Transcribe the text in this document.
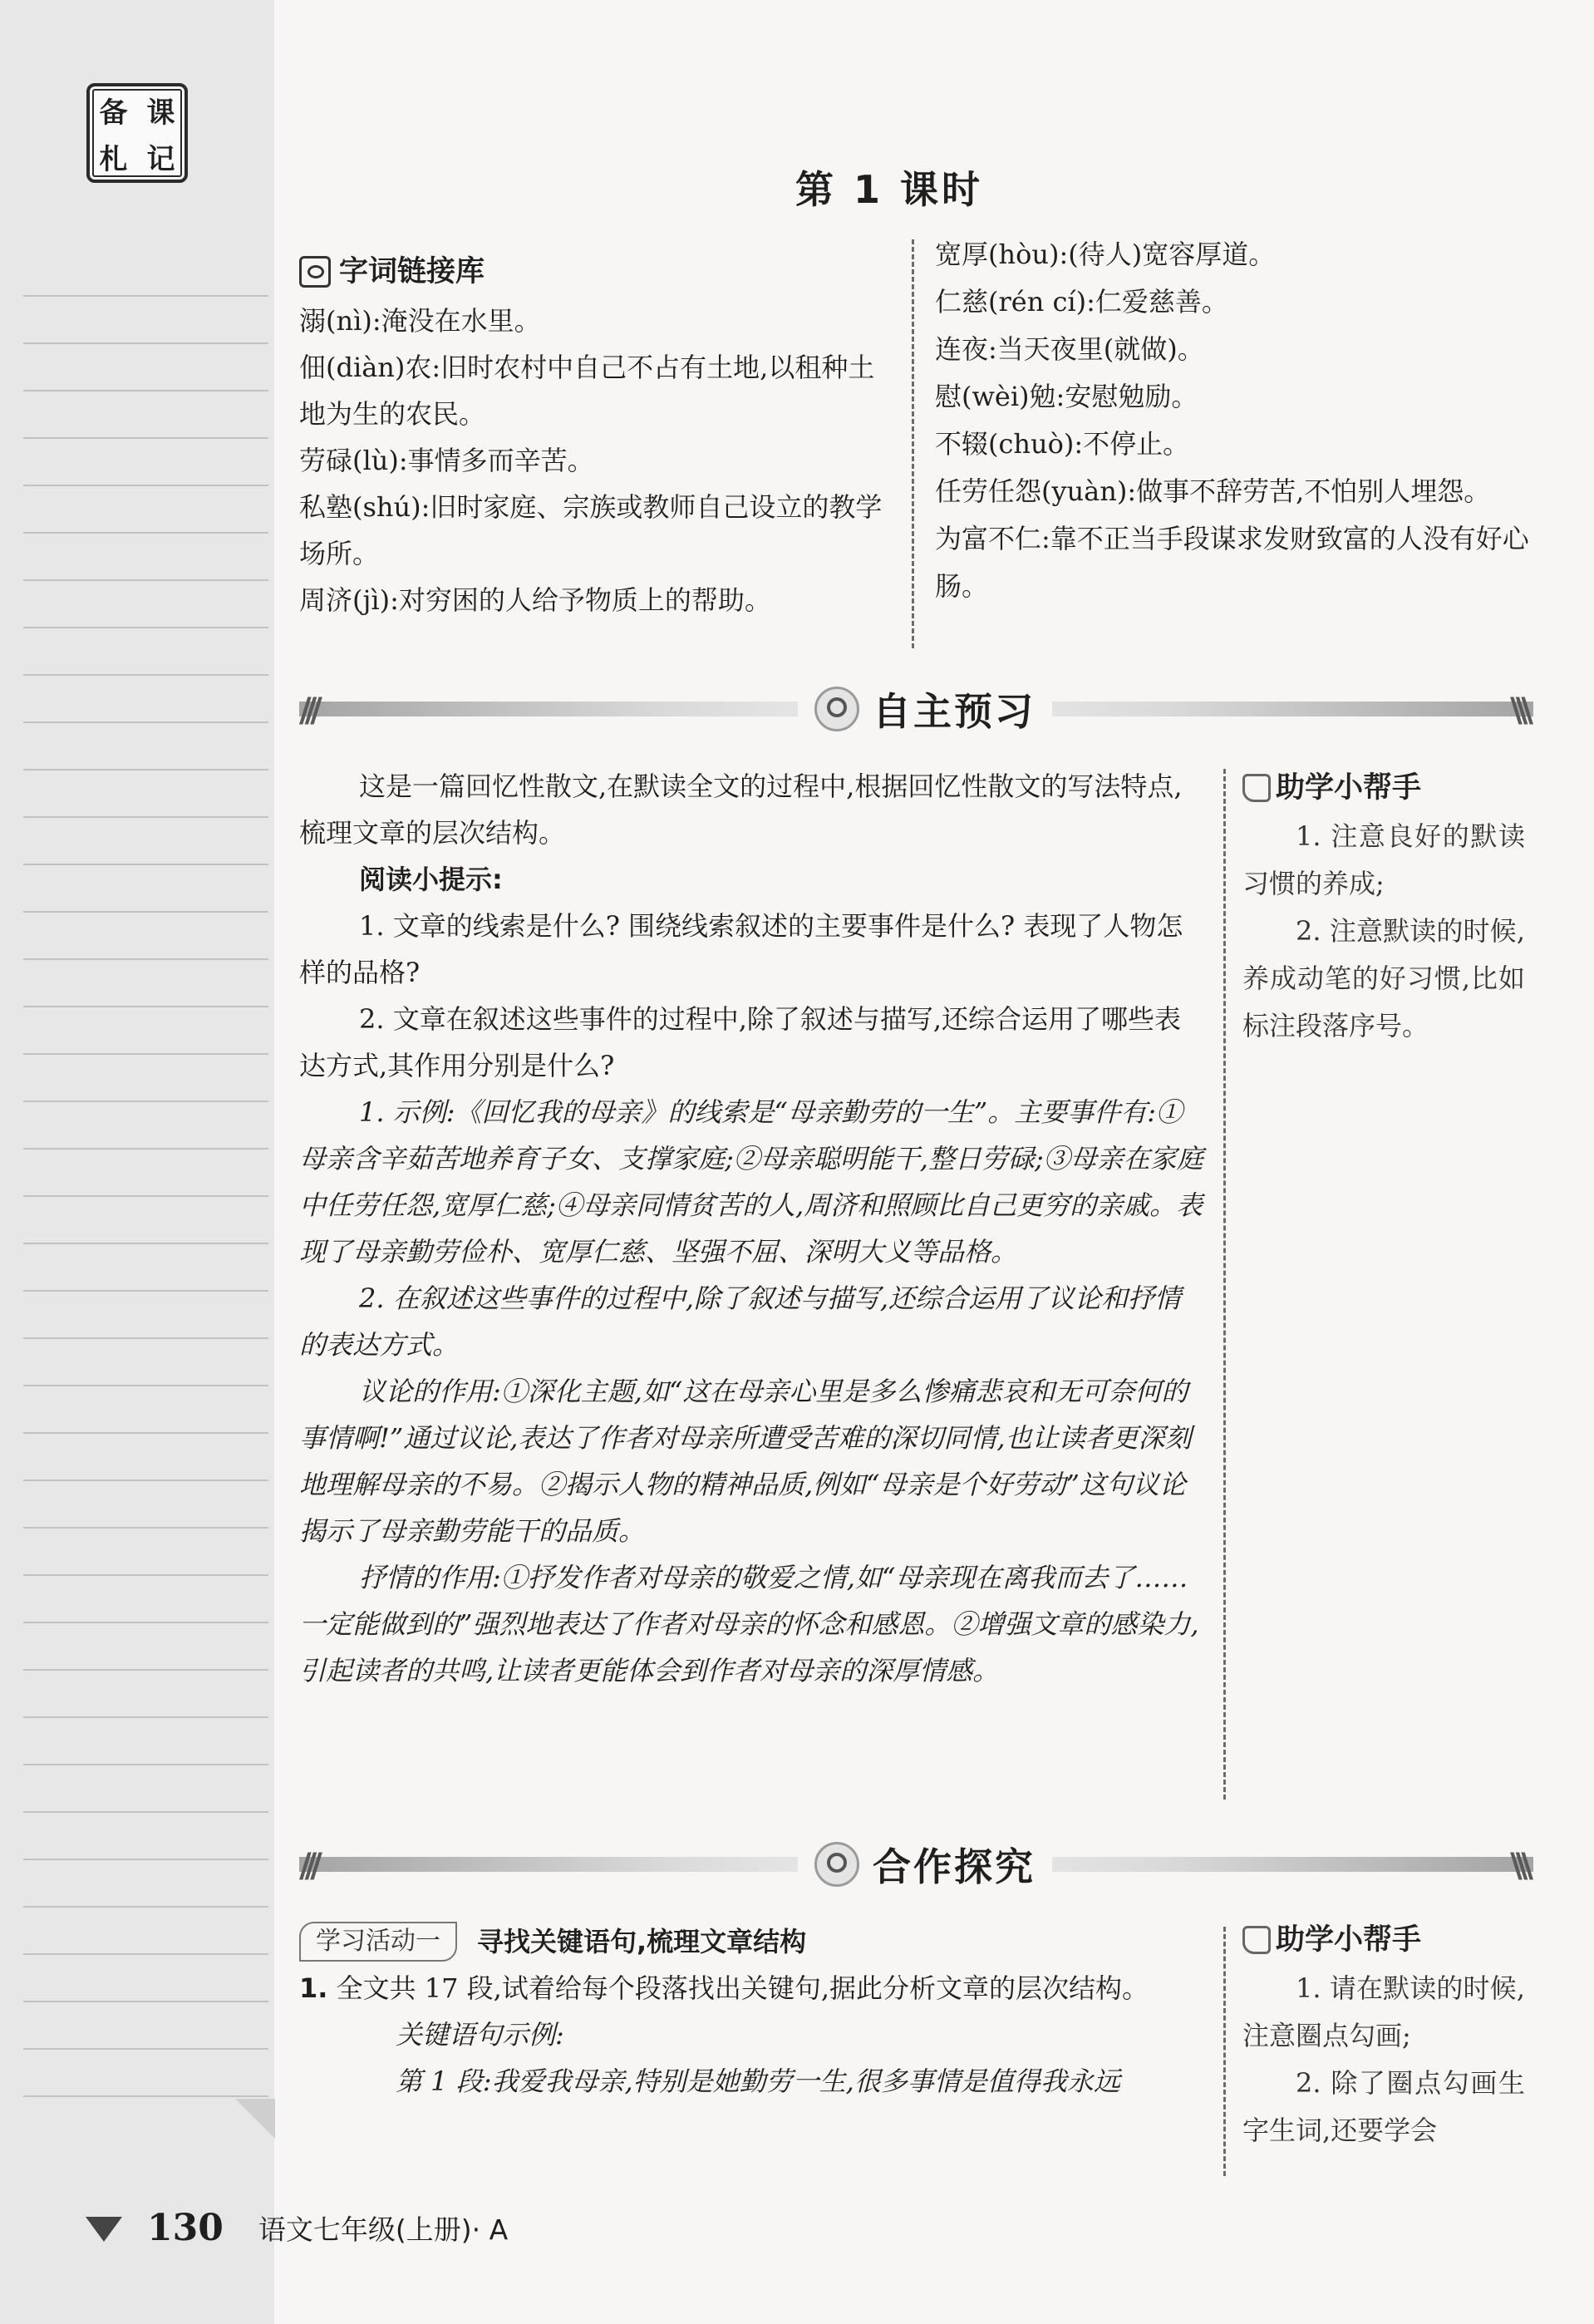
备 课
札 记
第 1 课时
字词链接库

溺(nì):淹没在水里。

佃(diàn)农:旧时农村中自己不占有土地,以租种土地为生的农民。

劳碌(lù):事情多而辛苦。

私塾(shú):旧时家庭、宗族或教师自己设立的教学场所。

周济(jì):对穷困的人给予物质上的帮助。

宽厚(hòu):(待人)宽容厚道。

仁慈(rén cí):仁爱慈善。

连夜:当天夜里(就做)。

慰(wèi)勉:安慰勉励。

不辍(chuò):不停止。

任劳任怨(yuàn):做事不辞劳苦,不怕别人埋怨。

为富不仁:靠不正当手段谋求发财致富的人没有好心肠。

///	\\\
自主预习

这是一篇回忆性散文,在默读全文的过程中,根据回忆性散文的写法特点,梳理文章的层次结构。

阅读小提示:

1. 文章的线索是什么? 围绕线索叙述的主要事件是什么? 表现了人物怎样的品格?

2. 文章在叙述这些事件的过程中,除了叙述与描写,还综合运用了哪些表达方式,其作用分别是什么?

1. 示例:《回忆我的母亲》的线索是“母亲勤劳的一生”。主要事件有:①母亲含辛茹苦地养育子女、支撑家庭;②母亲聪明能干,整日劳碌;③母亲在家庭中任劳任怨,宽厚仁慈;④母亲同情贫苦的人,周济和照顾比自己更穷的亲戚。表现了母亲勤劳俭朴、宽厚仁慈、坚强不屈、深明大义等品格。

2. 在叙述这些事件的过程中,除了叙述与描写,还综合运用了议论和抒情的表达方式。

议论的作用:①深化主题,如“这在母亲心里是多么惨痛悲哀和无可奈何的事情啊!”通过议论,表达了作者对母亲所遭受苦难的深切同情,也让读者更深刻地理解母亲的不易。②揭示人物的精神品质,例如“母亲是个好劳动”这句议论揭示了母亲勤劳能干的品质。

抒情的作用:①抒发作者对母亲的敬爱之情,如“母亲现在离我而去了……一定能做到的”强烈地表达了作者对母亲的怀念和感恩。②增强文章的感染力,引起读者的共鸣,让读者更能体会到作者对母亲的深厚情感。

助学小帮手

1. 注意良好的默读习惯的养成;

2. 注意默读的时候,养成动笔的好习惯,比如标注段落序号。

///	\\\
合作探究
学习活动一	寻找关键语句,梳理文章结构

1. 全文共 17 段,试着给每个段落找出关键句,据此分析文章的层次结构。

关键语句示例:

第 1 段:我爱我母亲,特别是她勤劳一生,很多事情是值得我永远

助学小帮手

1. 请在默读的时候,注意圈点勾画;

2. 除了圈点勾画生字生词,还要学会

130 语文七年级(上册)· A
